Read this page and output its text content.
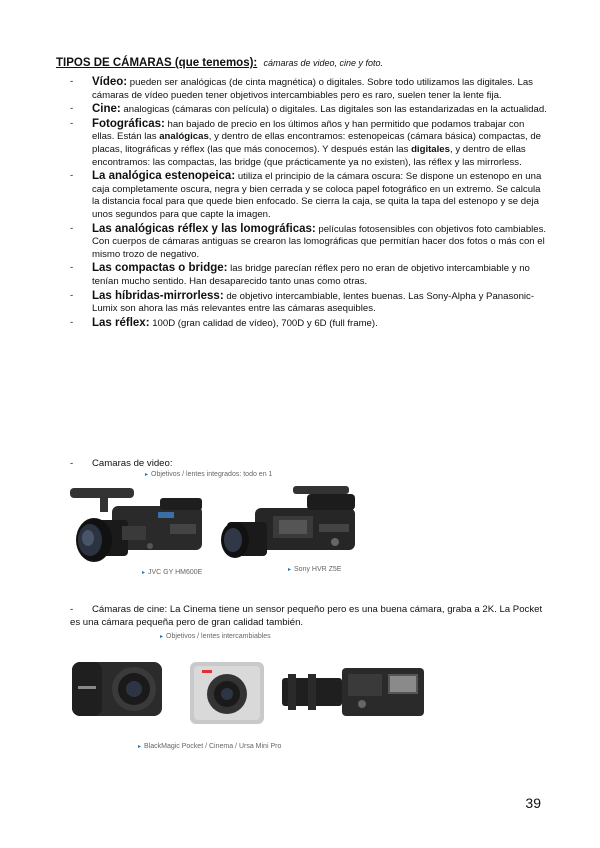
TIPOS DE CÁMARAS (que tenemos): cámaras de video, cine y foto.
- Vídeo: pueden ser analógicas (de cinta magnética) o digitales. Sobre todo utilizamos las digitales. Las cámaras de vídeo pueden tener objetivos intercambiables pero es raro, suelen tener la lente fija.
- Cine: analogicas (cámaras con película) o digitales. Las digitales son las estandarizadas en la actualidad.
- Fotográficas: han bajado de precio en los últimos años y han permitido que podamos trabajar con ellas. Están las analógicas, y dentro de ellas encontramos: estenopeicas (cámara básica) compactas, de placas, litográficas y réflex (las que más conocemos). Y después están las digitales, y dentro de ellas encontramos: las compactas, las bridge (que prácticamente ya no existen), las réflex y las mirrorless.
- La analógica estenopeica: utiliza el principio de la cámara oscura: Se dispone un estenopo en una caja completamente oscura, negra y bien cerrada y se coloca papel fotográfico en un extremo. Se calcula la distancia focal para que quede bien enfocado. Se cierra la caja, se quita la tapa del estenopo y se deja unos segundos para que capte la imagen.
- Las analógicas réflex y las lomográficas: películas fotosensibles con objetivos foto cambiables.
Con cuerpos de cámaras antiguas se crearon las lomográficas que permitían hacer dos fotos o más con el mismo trozo de negativo.
- Las compactas o bridge: las bridge parecían réflex pero no eran de objetivo intercambiable y no tenían mucho sentido. Han desaparecido tanto unas como otras.
- Las híbridas-mirrorless: de objetivo intercambiable, lentes buenas. Las Sony-Alpha y Panasonic-Lumix son ahora las más relevantes entre las cámaras asequibles.
- Las réflex: 100D (gran calidad de vídeo), 700D y 6D (full frame).
- Camaras de video:
▸ Objetivos / lentes integrados: todo en 1
▸ JVC GY HM600E	▸ Sony HVR Z5E
- Cámaras de cine: La Cinema tiene un sensor pequeño pero es una buena cámara, graba a 2K. La Pocket es una cámara pequeña pero de gran calidad también.
▸ Objetivos / lentes intercambiables
▸ BlackMagic Pocket / Cinema / Ursa Mini Pro
39
